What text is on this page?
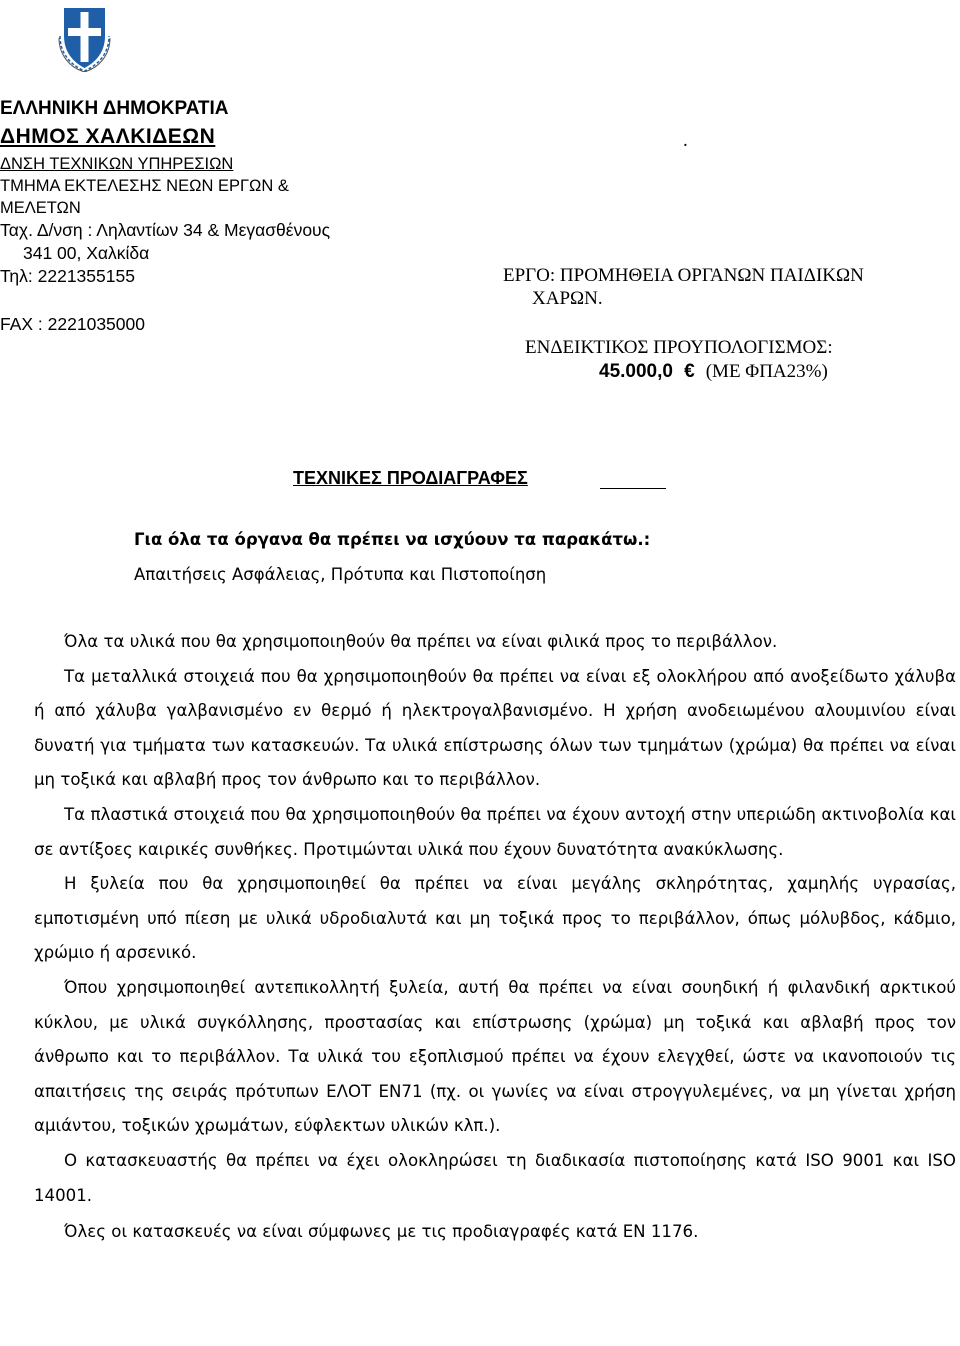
ΕΛΛΗΝΙΚΗ ΔΗΜΟΚΡΑΤΙΑ
ΔΗΜΟΣ ΧΑΛΚΙΔΕΩΝ
ΔΝΣΗ ΤΕΧΝΙΚΩΝ ΥΠΗΡΕΣΙΩΝ
ΤΜΗΜΑ ΕΚΤΕΛΕΣΗΣ ΝΕΩΝ ΕΡΓΩΝ &
ΜΕΛΕΤΩΝ
Ταχ. Δ/νση : Ληλαντίων 34 & Μεγασθένους
341 00, Χαλκίδα
Τηλ: 2221355155
FAX : 2221035000
.
ΕΡΓΟ: ΠΡΟΜΗΘΕΙΑ ΟΡΓΑΝΩΝ ΠΑΙΔΙΚΩΝ
ΧΑΡΩΝ.
ΕΝΔΕΙΚΤΙΚΟΣ ΠΡΟΥΠΟΛΟΓΙΣΜΟΣ:
45.000,0 € (ΜΕ ΦΠΑ23%)
ΤΕΧΝΙΚΕΣ ΠΡΟΔΙΑΓΡΑΦΕΣ
Για όλα τα όργανα θα πρέπει να ισχύουν τα παρακάτω.:
Απαιτήσεις Ασφάλειας, Πρότυπα και Πιστοποίηση

Όλα τα υλικά που θα χρησιμοποιηθούν θα πρέπει να είναι φιλικά προς το περιβάλλον.

Τα μεταλλικά στοιχειά που θα χρησιμοποιηθούν θα πρέπει να είναι εξ ολοκλήρου από ανοξείδωτο χάλυβα ή από χάλυβα γαλβανισμένο εν θερμό ή ηλεκτρογαλβανισμένο. Η χρήση ανοδειωμένου αλουμινίου είναι δυνατή για τμήματα των κατασκευών. Τα υλικά επίστρωσης όλων των τμημάτων (χρώμα) θα πρέπει να είναι μη τοξικά και αβλαβή προς τον άνθρωπο και το περιβάλλον.

Τα πλαστικά στοιχειά που θα χρησιμοποιηθούν θα πρέπει να έχουν αντοχή στην υπεριώδη ακτινοβολία και σε αντίξοες καιρικές συνθήκες. Προτιμώνται υλικά που έχουν δυνατότητα ανακύκλωσης.

Η ξυλεία που θα χρησιμοποιηθεί θα πρέπει να είναι μεγάλης σκληρότητας, χαμηλής υγρασίας, εμποτισμένη υπό πίεση με υλικά υδροδιαλυτά και μη τοξικά προς το περιβάλλον, όπως μόλυβδος, κάδμιο, χρώμιο ή αρσενικό.

Όπου χρησιμοποιηθεί αντεπικολλητή ξυλεία, αυτή θα πρέπει να είναι σουηδική ή φιλανδική αρκτικού κύκλου, με υλικά συγκόλλησης, προστασίας και επίστρωσης (χρώμα) μη τοξικά και αβλαβή προς τον άνθρωπο και το περιβάλλον. Τα υλικά του εξοπλισμού πρέπει να έχουν ελεγχθεί, ώστε να ικανοποιούν τις απαιτήσεις της σειράς πρότυπων ΕΛΟΤ ΕΝ71 (πχ. οι γωνίες να είναι στρογγυλεμένες, να μη γίνεται χρήση αμιάντου, τοξικών χρωμάτων, εύφλεκτων υλικών κλπ.).

Ο κατασκευαστής θα πρέπει να έχει ολοκληρώσει τη διαδικασία πιστοποίησης κατά ISO 9001 και ISO 14001.

Όλες οι κατασκευές να είναι σύμφωνες με τις προδιαγραφές κατά ΕΝ 1176.
